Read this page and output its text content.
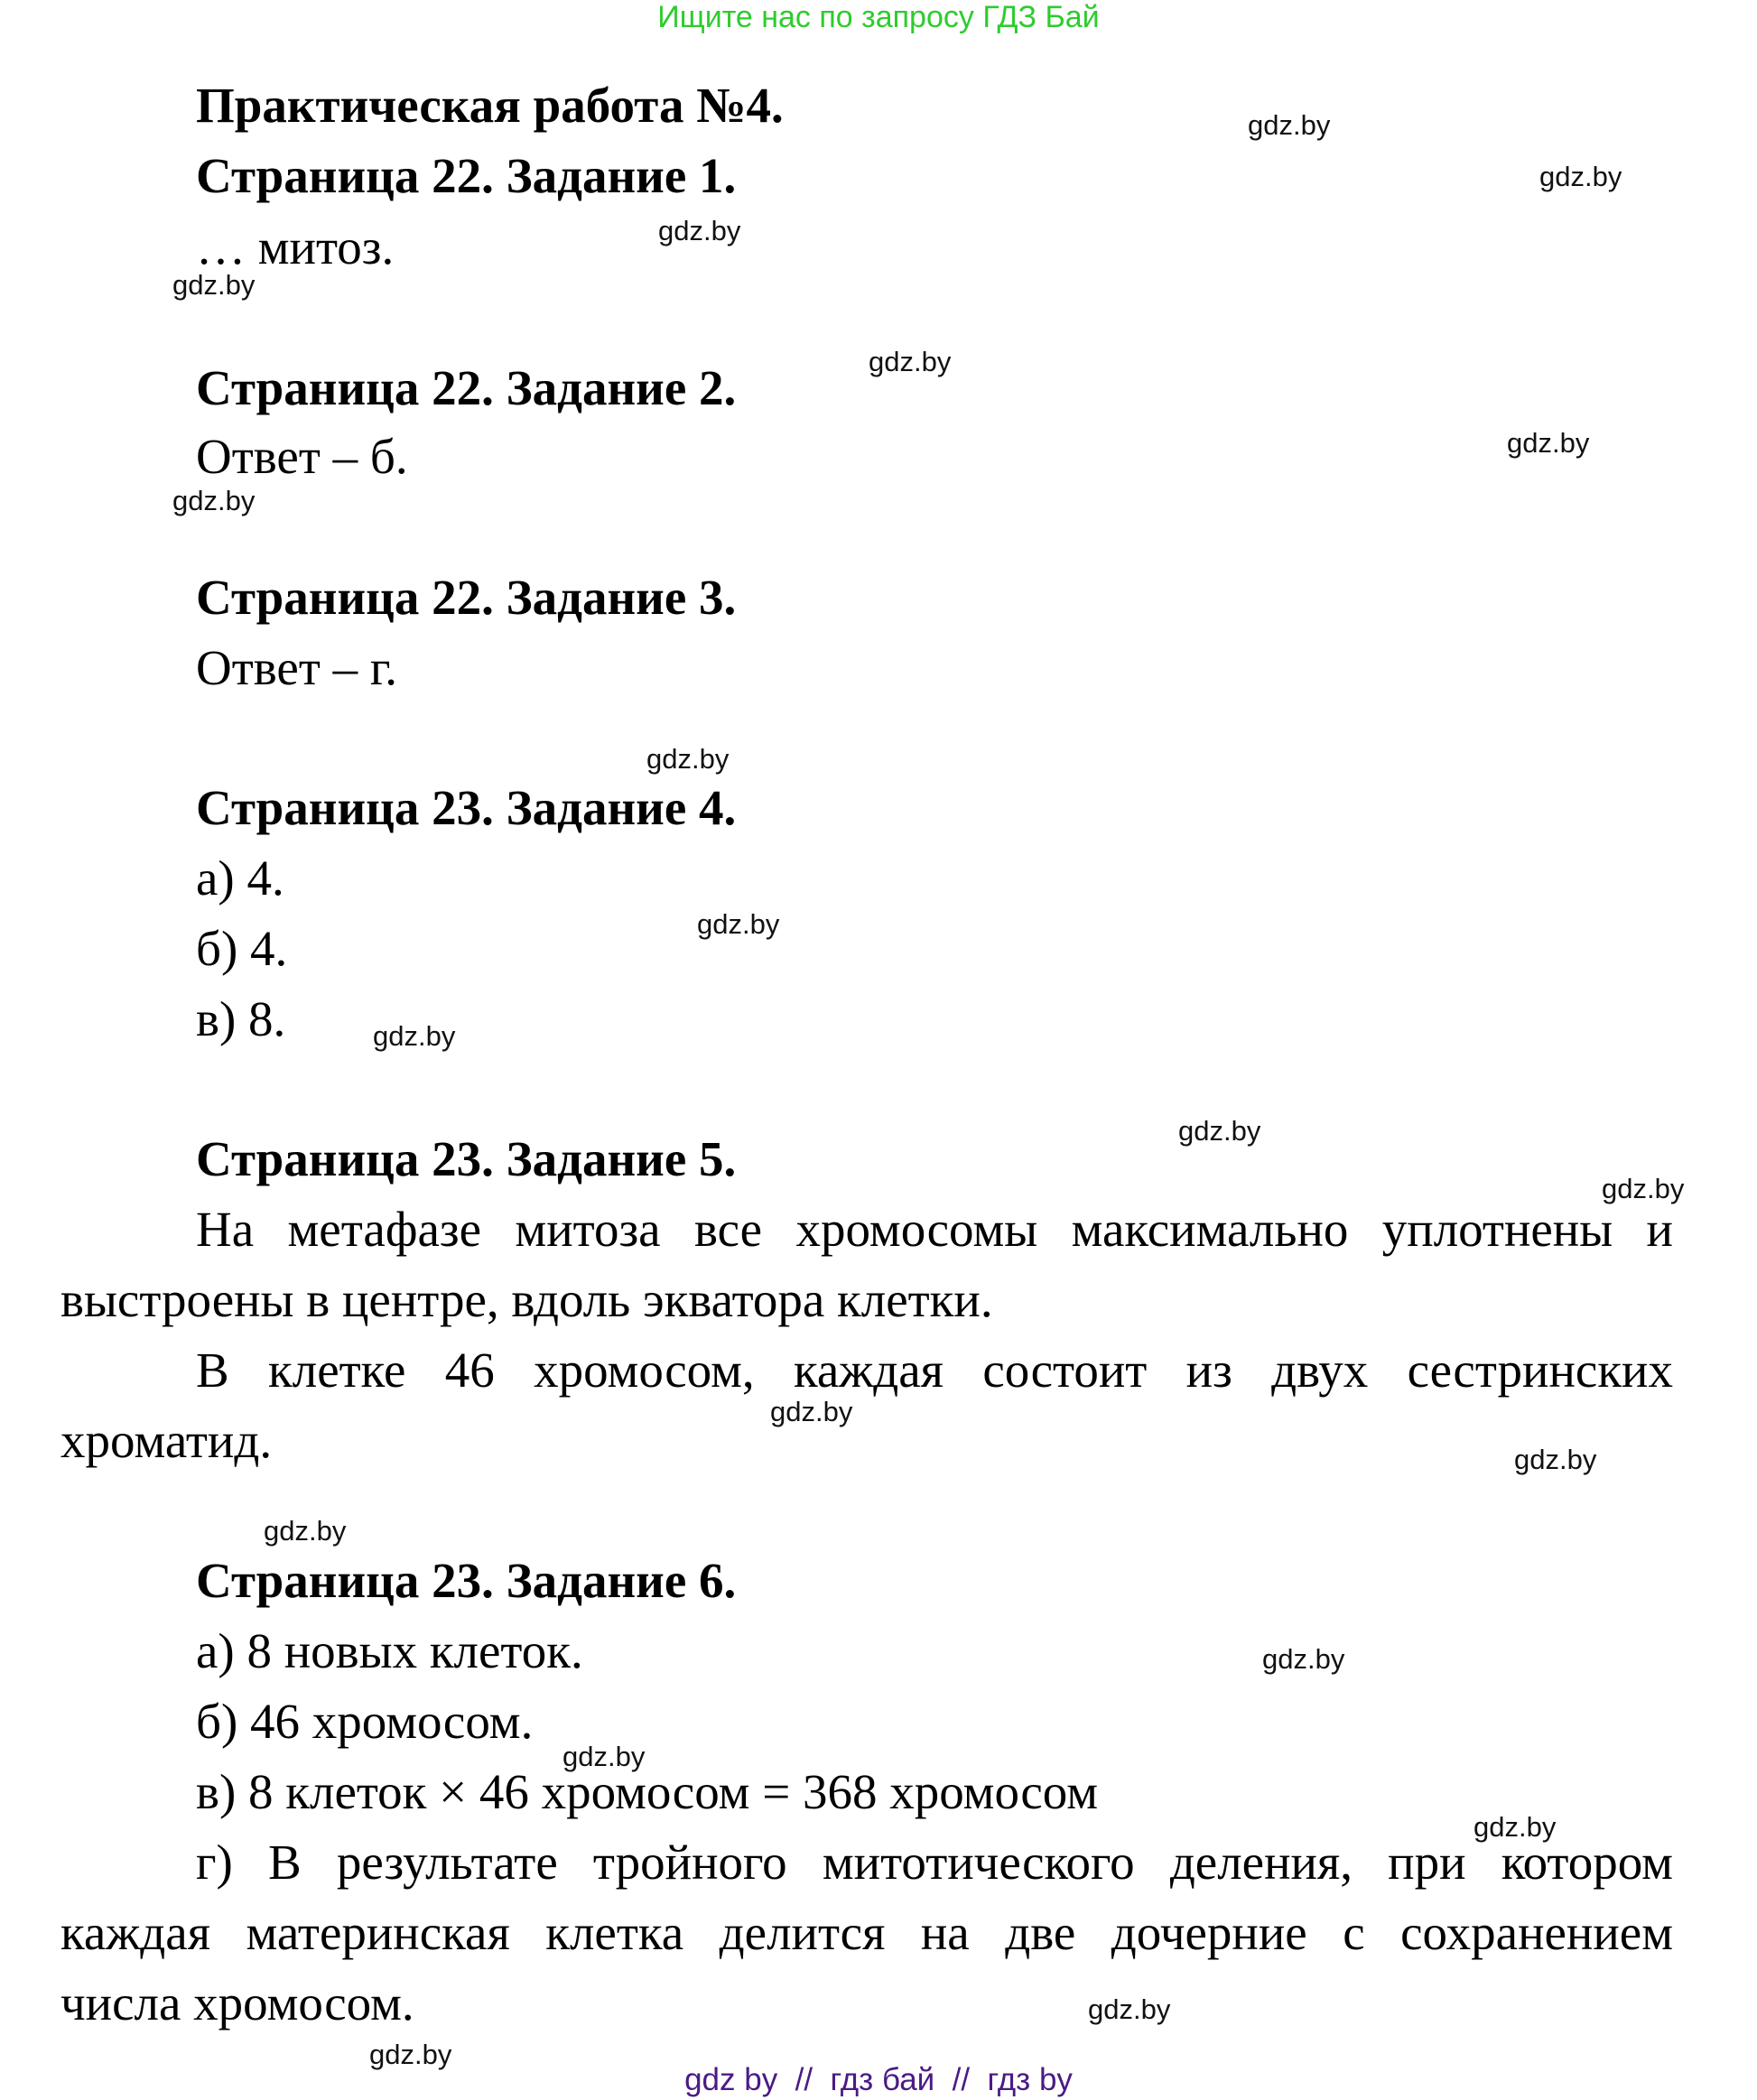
Ищите нас по запросу ГДЗ Бай
Практическая работа №4.
Страница 22. Задание 1.
… митоз.
Страница 22. Задание 2.
Ответ – б.
Страница 22. Задание 3.
Ответ – г.
Страница 23. Задание 4.
а) 4.
б) 4.
в) 8.
Страница 23. Задание 5.
На метафазе митоза все хромосомы максимально уплотнены и
выстроены в центре, вдоль экватора клетки.
В клетке 46 хромосом, каждая состоит из двух сестринских
хроматид.
Страница 23. Задание 6.
а) 8 новых клеток.
б) 46 хромосом.
в) 8 клеток × 46 хромосом = 368 хромосом
г) В результате тройного митотического деления, при котором
каждая материнская клетка делится на две дочерние с сохранением
числа хромосом.
gdz.by
gdz.by
gdz.by
gdz.by
gdz.by
gdz.by
gdz.by
gdz.by
gdz.by
gdz.by
gdz.by
gdz.by
gdz.by
gdz.by
gdz.by
gdz.by
gdz.by
gdz.by
gdz.by
gdz.by
gdz by  //  гдз бай  //  гдз by
